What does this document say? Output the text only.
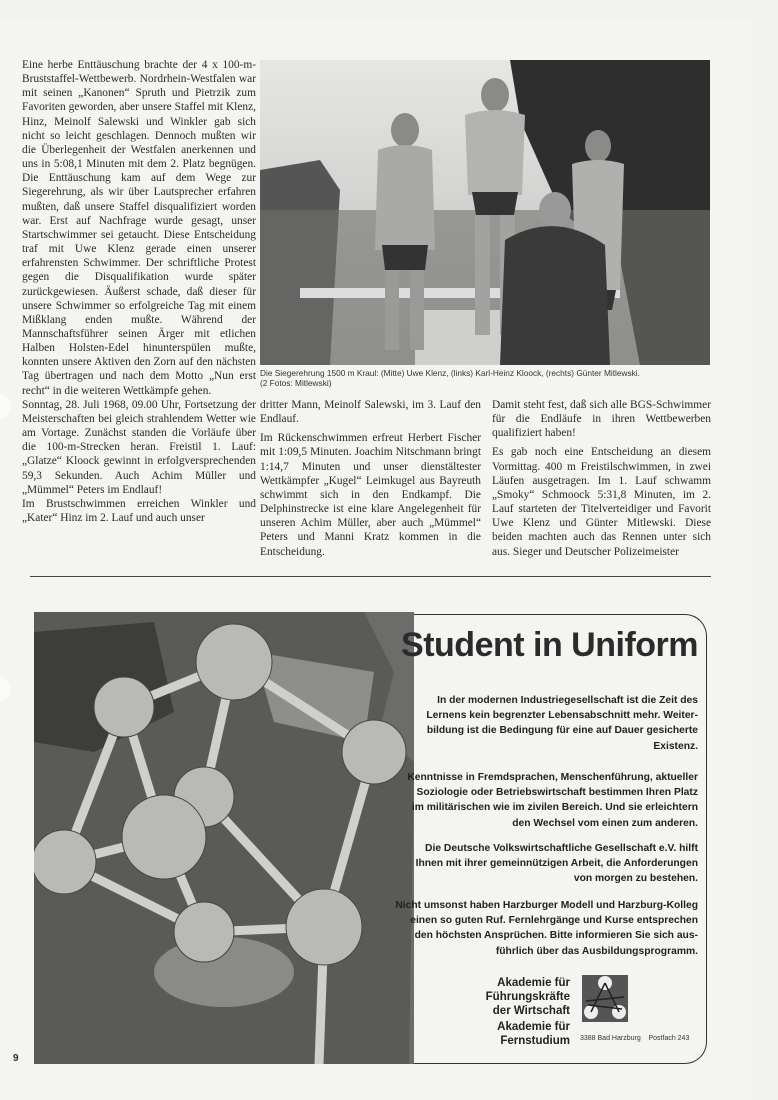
Eine herbe Enttäuschung brachte der 4 x 100-m-Bruststaffel-Wettbewerb. Nordrhein-Westfalen war mit seinen „Kanonen“ Spruth und Pietrzik zum Favoriten geworden, aber unsere Staffel mit Klenz, Hinz, Meinolf Salewski und Winkler gab sich nicht so leicht geschlagen. Dennoch mußten wir die Überlegenheit der Westfalen anerkennen und uns in 5:08,1 Minuten mit dem 2. Platz begnügen. Die Enttäuschung kam auf dem Wege zur Siegerehrung, als wir über Lautsprecher erfahren mußten, daß unsere Staffel disqualifiziert worden war. Erst auf Nachfrage wurde gesagt, unser Startschwimmer sei getaucht. Diese Entscheidung traf mit Uwe Klenz gerade einen unserer erfahrensten Schwimmer. Der schriftliche Protest gegen die Disqualifikation wurde später zurückgewiesen. Äußerst schade, daß dieser für unsere Schwimmer so erfolgreiche Tag mit einem Mißklang enden mußte. Während der Mannschaftsführer seinen Ärger mit etlichen Halben Holsten-Edel hinunterspülen mußte, konnten unsere Aktiven den Zorn auf den nächsten Tag übertragen und nach dem Motto „Nun erst recht“ in die weiteren Wettkämpfe gehen.

Sonntag, 28. Juli 1968, 09.00 Uhr, Fortsetzung der Meisterschaften bei gleich strahlendem Wetter wie am Vortage. Zunächst standen die Vorläufe über die 100-m-Strecken heran. Freistil 1. Lauf: „Glatze“ Kloock gewinnt in erfolgversprechenden 59,3 Sekunden. Auch Achim Müller und „Mümmel“ Peters im Endlauf!

Im Brustschwimmen erreichen Winkler und „Kater“ Hinz im 2. Lauf und auch unser

Die Siegerehrung 1500 m Kraul: (Mitte) Uwe Klenz, (links) Karl-Heinz Kloock, (rechts) Günter Mitlewski.
(2 Fotos: Mitlewski)

dritter Mann, Meinolf Salewski, im 3. Lauf den Endlauf.

Im Rückenschwimmen erfreut Herbert Fischer mit 1:09,5 Minuten. Joachim Nitschmann bringt 1:14,7 Minuten und unser dienstältester Wettkämpfer „Kugel“ Leimkugel aus Bayreuth schwimmt sich in den Endkampf. Die Delphinstrecke ist eine klare Angelegenheit für unseren Achim Müller, aber auch „Mümmel“ Peters und Manni Kratz kommen in die Entscheidung.

Damit steht fest, daß sich alle BGS-Schwimmer für die Endläufe in ihren Wettbewerben qualifiziert haben!

Es gab noch eine Entscheidung an diesem Vormittag. 400 m Freistilschwimmen, in zwei Läufen ausgetragen. Im 1. Lauf schwamm „Smoky“ Schmoock 5:31,8 Minuten, im 2. Lauf starteten der Titelverteidiger und Favorit Uwe Klenz und Günter Mitlewski. Diese beiden machten auch das Rennen unter sich aus. Sieger und Deutscher Polizeimeister

Student in Uniform
In der modernen Industriegesellschaft ist die Zeit des
Lernens kein begrenzter Lebensabschnitt mehr. Weiter-
bildung ist die Bedingung für eine auf Dauer gesicherte
Existenz.
Kenntnisse in Fremdsprachen, Menschenführung, aktueller
Soziologie oder Betriebswirtschaft bestimmen Ihren Platz
im militärischen wie im zivilen Bereich. Und sie erleichtern
den Wechsel vom einen zum anderen.
Die Deutsche Volkswirtschaftliche Gesellschaft e.V. hilft
Ihnen mit ihrer gemeinnützigen Arbeit, die Anforderungen
von morgen zu bestehen.
Nicht umsonst haben Harzburger Modell und Harzburg-Kolleg
einen so guten Ruf. Fernlehrgänge und Kurse entsprechen
den höchsten Ansprüchen. Bitte informieren Sie sich aus-
führlich über das Ausbildungsprogramm.
Akademie für
Führungskräfte
der Wirtschaft
Akademie für
Fernstudium 3388 Bad Harzburg    Postfach 243
9
